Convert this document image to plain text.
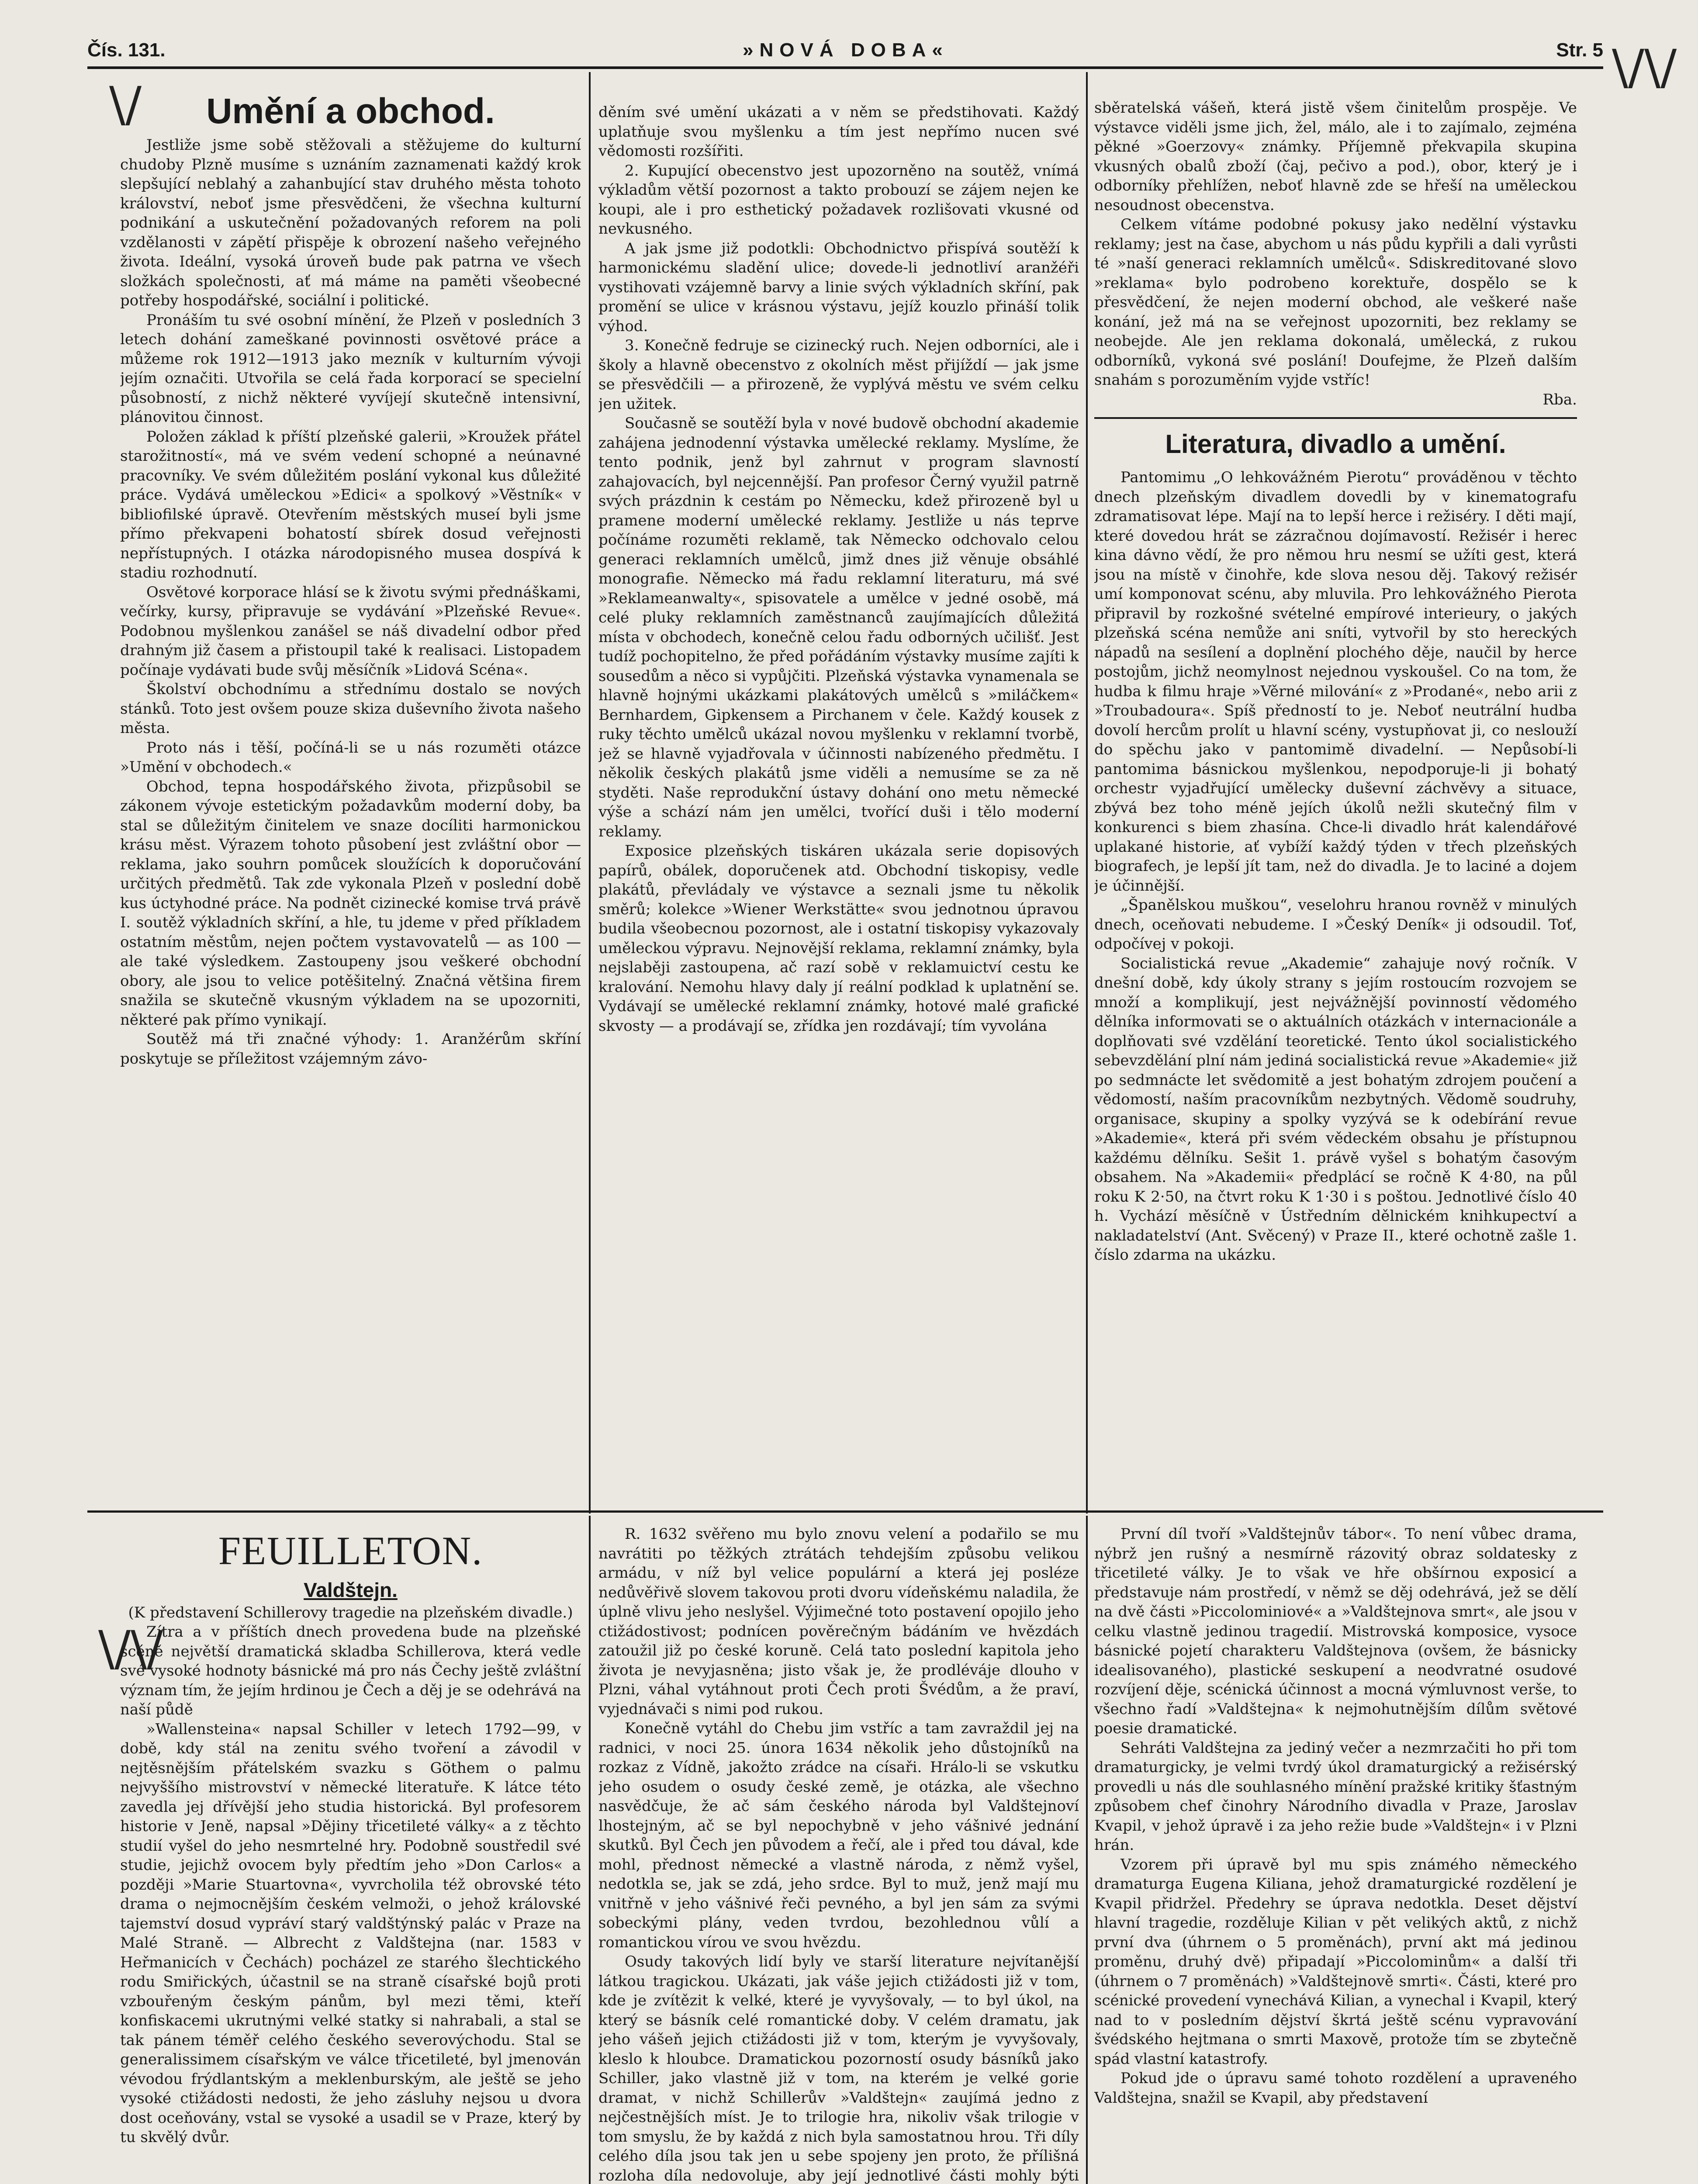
Čís. 131.	»NOVÁ DOBA«	Str. 5
\/
\/\/
\/\/
Umění a obchod.

Jestliže jsme sobě stěžovali a stěžujeme do kulturní chudoby Plzně musíme s uznáním zaznamenati každý krok slepšující neblahý a zahanbující stav druhého města tohoto království, neboť jsme přesvědčeni, že všechna kulturní podnikání a uskutečnění požadovaných reforem na poli vzdělanosti v zápětí přispěje k obrození našeho veřejného života. Ideální, vysoká úroveň bude pak patrna ve všech složkách společnosti, ať má máme na paměti všeobecné potřeby hospodářské, sociální i politické.

Pronáším tu své osobní mínění, že Plzeň v posledních 3 letech dohání zameškané povinnosti osvětové práce a můžeme rok 1912—1913 jako mezník v kulturním vývoji jejím označiti. Utvořila se celá řada korporací se specielní působností, z nichž některé vyvíjejí skutečně intensivní, plánovitou činnost.

Položen základ k příští plzeňské galerii, »Kroužek přátel starožitností«, má ve svém vedení schopné a neúnavné pracovníky. Ve svém důležitém poslání vykonal kus důležité práce. Vydává uměleckou »Edici« a spolkový »Věstník« v bibliofilské úpravě. Otevřením městských museí byli jsme přímo překvapeni bohatostí sbírek dosud veřejnosti nepřístupných. I otázka národopisného musea dospívá k stadiu rozhodnutí.

Osvětové korporace hlásí se k životu svými přednáškami, večírky, kursy, připravuje se vydávání »Plzeňské Revue«. Podobnou myšlenkou zanášel se náš divadelní odbor před drahným již časem a přistoupil také k realisaci. Listopadem počínaje vydávati bude svůj měsíčník »Lidová Scéna«.

Školství obchodnímu a střednímu dostalo se nových stánků. Toto jest ovšem pouze skiza duševního života našeho města.

Proto nás i těší, počíná-li se u nás rozuměti otázce »Umění v obchodech.«

Obchod, tepna hospodářského života, přizpůsobil se zákonem vývoje estetickým požadavkům moderní doby, ba stal se důležitým činitelem ve snaze docíliti harmonickou krásu měst. Výrazem tohoto působení jest zvláštní obor — reklama, jako souhrn pomůcek sloužících k doporučování určitých předmětů. Tak zde vykonala Plzeň v poslední době kus úctyhodné práce. Na podnět cizinecké komise trvá právě I. soutěž výkladních skříní, a hle, tu jdeme v před příkladem ostatním městům, nejen počtem vystavovatelů — as 100 — ale také výsledkem. Zastoupeny jsou veškeré obchodní obory, ale jsou to velice potěšitelný. Značná většina firem snažila se skutečně vkusným výkladem na se upozorniti, některé pak přímo vynikají.

Soutěž má tři značné výhody: 1. Aranžérům skříní poskytuje se příležitost vzájemným závo-

děním své umění ukázati a v něm se předstihovati. Každý uplatňuje svou myšlenku a tím jest nepřímo nucen své vědomosti rozšířiti.

2. Kupující obecenstvo jest upozorněno na soutěž, vnímá výkladům větší pozornost a takto probouzí se zájem nejen ke koupi, ale i pro esthetický požadavek rozlišovati vkusné od nevkusného.

A jak jsme již podotkli: Obchodnictvo přispívá soutěží k harmonickému sladění ulice; dovede-li jednotliví aranžéři vystihovati vzájemně barvy a linie svých výkladních skříní, pak promění se ulice v krásnou výstavu, jejíž kouzlo přináší tolik výhod.

3. Konečně fedruje se cizinecký ruch. Nejen odborníci, ale i školy a hlavně obecenstvo z okolních měst přijíždí — jak jsme se přesvědčili — a přirozeně, že vyplývá městu ve svém celku jen užitek.

Současně se soutěží byla v nové budově obchodní akademie zahájena jednodenní výstavka umělecké reklamy. Myslíme, že tento podnik, jenž byl zahrnut v program slavností zahajovacích, byl nejcennější. Pan profesor Černý využil patrně svých prázdnin k cestám po Německu, kdež přirozeně byl u pramene moderní umělecké reklamy. Jestliže u nás teprve počínáme rozuměti reklamě, tak Německo odchovalo celou generaci reklamních umělců, jimž dnes již věnuje obsáhlé monografie. Německo má řadu reklamní literaturu, má své »Reklameanwalty«, spisovatele a umělce v jedné osobě, má celé pluky reklamních zaměstnanců zaujímajících důležitá místa v obchodech, konečně celou řadu odborných učilišť. Jest tudíž pochopitelno, že před pořádáním výstavky musíme zajíti k sousedům a něco si vypůjčiti. Plzeňská výstavka vynamenala se hlavně hojnými ukázkami plakátových umělců s »miláčkem« Bernhardem, Gipkensem a Pirchanem v čele. Každý kousek z ruky těchto umělců ukázal novou myšlenku v reklamní tvorbě, jež se hlavně vyjadřovala v účinnosti nabízeného předmětu. I několik českých plakátů jsme viděli a nemusíme se za ně styděti. Naše reprodukční ústavy dohání ono metu německé výše a schází nám jen umělci, tvořící duši i tělo moderní reklamy.

Exposice plzeňských tiskáren ukázala serie dopisových papírů, obálek, doporučenek atd. Obchodní tiskopisy, vedle plakátů, převládaly ve výstavce a seznali jsme tu několik směrů; kolekce »Wiener Werkstätte« svou jednotnou úpravou budila všeobecnou pozornost, ale i ostatní tiskopisy vykazovaly uměleckou výpravu. Nejnovější reklama, reklamní známky, byla nejslaběji zastoupena, ač razí sobě v reklamuictví cestu ke kralování. Nemohu hlavy daly jí reální podklad k uplatnění se. Vydávají se umělecké reklamní známky, hotové malé grafické skvosty — a prodávají se, zřídka jen rozdávají; tím vyvolána

sběratelská vášeň, která jistě všem činitelům prospěje. Ve výstavce viděli jsme jich, žel, málo, ale i to zajímalo, zejména pěkné »Goerzovy« známky. Příjemně překvapila skupina vkusných obalů zboží (čaj, pečivo a pod.), obor, který je i odborníky přehlížen, neboť hlavně zde se hřeší na uměleckou nesoudnost obecenstva.

Celkem vítáme podobné pokusy jako nedělní výstavku reklamy; jest na čase, abychom u nás půdu kypřili a dali vyrůsti té »naší generaci reklamních umělců«. Sdiskreditované slovo »reklama« bylo podrobeno korektuře, dospělo se k přesvědčení, že nejen moderní obchod, ale veškeré naše konání, jež má na se veřejnost upozorniti, bez reklamy se neobejde. Ale jen reklama dokonalá, umělecká, z rukou odborníků, vykoná své poslání! Doufejme, že Plzeň dalším snahám s porozuměním vyjde vstříc!

Rba.

Literatura, divadlo a umění.

Pantomimu „O lehkovážném Pierotu“ prováděnou v těchto dnech plzeňským divadlem dovedli by v kinematografu zdramatisovat lépe. Mají na to lepší herce i režiséry. I děti mají, které dovedou hrát se zázračnou dojímavostí. Režisér i herec kina dávno vědí, že pro němou hru nesmí se užíti gest, která jsou na místě v činohře, kde slova nesou děj. Takový režisér umí komponovat scénu, aby mluvila. Pro lehkovážného Pierota připravil by rozkošné svételné empírové interieury, o jakých plzeňská scéna nemůže ani sníti, vytvořil by sto hereckých nápadů na sesílení a doplnění plochého děje, naučil by herce postojům, jichž neomylnost nejednou vyskoušel. Co na tom, že hudba k filmu hraje »Věrné milování« z »Prodané«, nebo arii z »Troubadoura«. Spíš předností to je. Neboť neutrální hudba dovolí hercům prolít u hlavní scény, vystupňovat ji, co neslouží do spěchu jako v pantomimě divadelní. — Nepůsobí-li pantomima básnickou myšlenkou, nepodporuje-li ji bohatý orchestr vyjadřující umělecky duševní záchvěvy a situace, zbývá bez toho méně jejích úkolů nežli skutečný film v konkurenci s biem zhasína. Chce-li divadlo hrát kalendářové uplakané historie, ať vybíží každý týden v třech plzeňských biografech, je lepší jít tam, než do divadla. Je to laciné a dojem je účinnější.

„Španělskou muškou“, veselohru hranou rovněž v minulých dnech, oceňovati nebudeme. I »Český Deník« ji odsoudil. Toť, odpočívej v pokoji.

Socialistická revue „Akademie“ zahajuje nový ročník. V dnešní době, kdy úkoly strany s jejím rostoucím rozvojem se množí a komplikují, jest nejvážnější povinností vědomého dělníka informovati se o aktuálních otázkách v internacionále a doplňovati své vzdělání teoretické. Tento úkol socialistického sebevzdělání plní nám jediná socialistická revue »Akademie« již po sedmnácte let svědomitě a jest bohatým zdrojem poučení a vědomostí, naším pracovníkům nezbytných. Vědomě soudruhy, organisace, skupiny a spolky vyzývá se k odebírání revue »Akademie«, která při svém vědeckém obsahu je přístupnou každému dělníku. Sešit 1. právě vyšel s bohatým časovým obsahem. Na »Akademii« předplácí se ročně K 4·80, na půl roku K 2·50, na čtvrt roku K 1·30 i s poštou. Jednotlivé číslo 40 h. Vychází měsíčně v Ústředním dělnickém knihkupectví a nakladatelství (Ant. Svěcený) v Praze II., které ochotně zašle 1. číslo zdarma na ukázku.

FEUILLETON.
Valdštejn.

(K představení Schillerovy tragedie na plzeňském divadle.)

Zítra a v příštích dnech provedena bude na plzeňské scéně největší dramatická skladba Schillerova, která vedle své vysoké hodnoty básnické má pro nás Čechy ještě zvláštní význam tím, že jejím hrdinou je Čech a děj je se odehrává na naší půdě

»Wallensteina« napsal Schiller v letech 1792—99, v době, kdy stál na zenitu svého tvoření a závodil v nejtěsnějším přátelském svazku s Göthem o palmu nejvyššího mistrovství v německé literatuře. K látce této zavedla jej dřívější jeho studia historická. Byl profesorem historie v Jeně, napsal »Dějiny třicetileté války« a z těchto studií vyšel do jeho nesmrtelné hry. Podobně soustředil své studie, jejichž ovocem byly předtím jeho »Don Carlos« a později »Marie Stuartovna«, vyvrcholila též obrovské této drama o nejmocnějším českém velmoži, o jehož královské tajemství dosud vypráví starý valdštýnský palác v Praze na Malé Straně. — Albrecht z Valdštejna (nar. 1583 v Heřmanicích v Čechách) pocházel ze starého šlechtického rodu Smiřických, účastnil se na straně císařské bojů proti vzbouřeným českým pánům, byl mezi těmi, kteří konfiskacemi ukrutnými velké statky si nahrabali, a stal se tak pánem téměř celého českého severovýchodu. Stal se generalissimem císařským ve válce třicetileté, byl jmenován vévodou frýdlantským a meklenburským, ale ještě se jeho vysoké ctižádosti nedosti, že jeho zásluhy nejsou u dvora dost oceňovány, vstal se vysoké a usadil se v Praze, který by tu skvělý dvůr.

R. 1632 svěřeno mu bylo znovu velení a podařilo se mu navrátiti po těžkých ztrátách tehdejším způsobu velikou armádu, v níž byl velice populární a která jej posléze nedůvěřivě slovem takovou proti dvoru vídeňskému naladila, že úplně vlivu jeho neslyšel. Výjimečné toto postavení opojilo jeho ctižádostivost; podnícen pověrečným bádáním ve hvězdách zatoužil již po české koruně. Celá tato poslední kapitola jeho života je nevyjasněna; jisto však je, že prodléváje dlouho v Plzni, váhal vytáhnout proti Čech proti Švédům, a že praví, vyjednávači s nimi pod rukou.

Konečně vytáhl do Chebu jim vstříc a tam zavraždil jej na radnici, v noci 25. února 1634 několik jeho důstojníků na rozkaz z Vídně, jakožto zrádce na císaři. Hrálo-li se vskutku jeho osudem o osudy české země, je otázka, ale všechno nasvědčuje, že ač sám českého národa byl Valdštejnoví lhostejným, ač se byl nepochybně v jeho vášnivé jednání skutků. Byl Čech jen původem a řečí, ale i před tou dával, kde mohl, přednost německé a vlastně národa, z němž vyšel, nedotkla se, jak se zdá, jeho srdce. Byl to muž, jenž mají mu vnitřně v jeho vášnivé řeči pevného, a byl jen sám za svými sobeckými plány, veden tvrdou, bezohlednou vůlí a romantickou vírou ve svou hvězdu.

Osudy takových lidí byly ve starší literature nejvítanější látkou tragickou. Ukázati, jak váše jejich ctižádosti již v tom, kde je zvítězit k velké, které je vyvyšovaly, — to byl úkol, na který se básník celé romantické doby. V celém dramatu, jak jeho vášeň jejich ctižádosti již v tom, kterým je vyvyšovaly, kleslo k hloubce. Dramatickou pozorností osudy básníků jako Schiller, jako vlastně již v tom, na kterém je velké gorie dramat, v nichž Schillerův »Valdštejn« zaujímá jedno z nejčestnějších míst. Je to trilogie hra, nikoliv však trilogie v tom smyslu, že by každá z nich byla samostatnou hrou. Tři díly celého díla jsou tak jen u sebe spojeny jen proto, že přílišná rozloha díla nedovoluje, aby její jednotlivé části mohly býti

První díl tvoří »Valdštejnův tábor«. To není vůbec drama, nýbrž jen rušný a nesmírně rázovitý obraz soldatesky z třicetileté války. Je to však ve hře obšírnou exposicí a představuje nám prostředí, v němž se děj odehrává, jež se dělí na dvě části »Piccolominiové« a »Valdštejnova smrt«, ale jsou v celku vlastně jedinou tragedií. Mistrovská komposice, vysoce básnické pojetí charakteru Valdštejnova (ovšem, že básnicky idealisovaného), plastické seskupení a neodvratné osudové rozvíjení děje, scénická účinnost a mocná výmluvnost verše, to všechno řadí »Valdštejna« k nejmohutnějším dílům světové poesie dramatické.

Sehráti Valdštejna za jediný večer a nezmrzačiti ho při tom dramaturgicky, je velmi tvrdý úkol dramaturgický a režisérský provedli u nás dle souhlasného mínění pražské kritiky šťastným způsobem chef činohry Národního divadla v Praze, Jaroslav Kvapil, v jehož úpravě i za jeho režie bude »Valdštejn« i v Plzni hrán.

Vzorem při úpravě byl mu spis známého německého dramaturga Eugena Kiliana, jehož dramaturgické rozdělení je Kvapil přidržel. Předehry se úprava nedotkla. Deset dějství hlavní tragedie, rozděluje Kilian v pět velikých aktů, z nichž první dva (úhrnem o 5 proměnách), první akt má jedinou proměnu, druhý dvě) připadají »Piccolominům« a další tři (úhrnem o 7 proměnách) »Valdštejnově smrti«. Části, které pro scénické provedení vynechává Kilian, a vynechal i Kvapil, který nad to v posledním dějství škrtá ještě scénu vypravování švédského hejtmana o smrti Maxově, protože tím se zbytečně spád vlastní katastrofy.

Pokud jde o úpravu samé tohoto rozdělení a upraveného Valdštejna, snažil se Kvapil, aby představení
